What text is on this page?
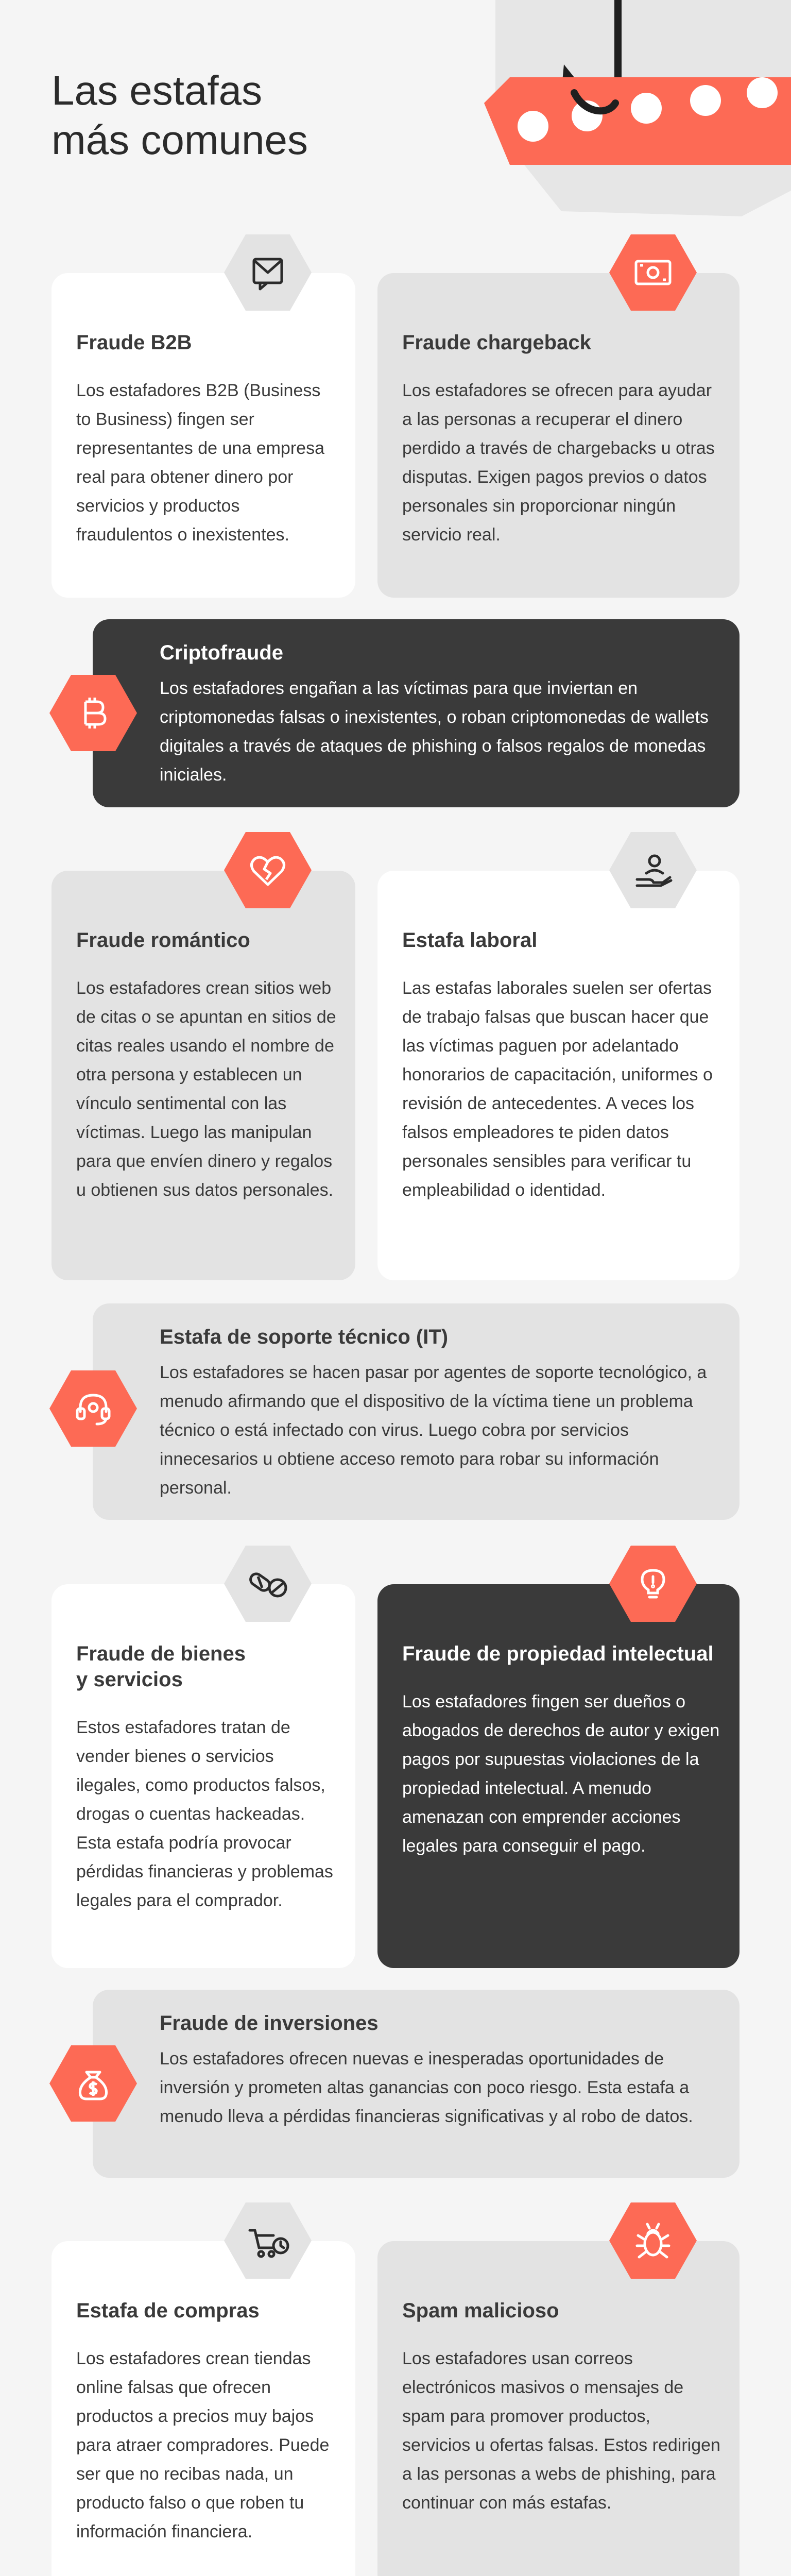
Las estafas
más comunes
Fraude B2B

Los estafadores B2B (Business to Business) fingen ser representantes de una empresa real para obtener dinero por servicios y productos fraudulentos o inexistentes.

Fraude chargeback

Los estafadores se ofrecen para ayudar a las personas a recuperar el dinero perdido a través de chargebacks u otras disputas. Exigen pagos previos o datos personales sin proporcionar ningún servicio real.

Criptofraude

Los estafadores engañan a las víctimas para que inviertan en criptomonedas falsas o inexistentes, o roban criptomonedas de wallets digitales a través de ataques de phishing o falsos regalos de monedas iniciales.

Fraude romántico

Los estafadores crean sitios web de citas o se apuntan en sitios de citas reales usando el nombre de otra persona y establecen un vínculo sentimental con las víctimas. Luego las manipulan para que envíen dinero y regalos u obtienen sus datos personales.

Estafa laboral

Las estafas laborales suelen ser ofertas de trabajo falsas que buscan hacer que las víctimas paguen por adelantado honorarios de capacitación, uniformes o revisión de antecedentes. A veces los falsos empleadores te piden datos personales sensibles para verificar tu empleabilidad o identidad.

Estafa de soporte técnico (IT)

Los estafadores se hacen pasar por agentes de soporte tecnológico, a menudo afirmando que el dispositivo de la víctima tiene un problema técnico o está infectado con virus. Luego cobra por servicios innecesarios u obtiene acceso remoto para robar su información personal.

Fraude de bienes
y servicios

Estos estafadores tratan de vender bienes o servicios ilegales, como productos falsos, drogas o cuentas hackeadas. Esta estafa podría provocar pérdidas financieras y problemas legales para el comprador.

Fraude de propiedad intelectual

Los estafadores fingen ser dueños o abogados de derechos de autor y exigen pagos por supuestas violaciones de la propiedad intelectual. A menudo amenazan con emprender acciones legales para conseguir el pago.

Fraude de inversiones

Los estafadores ofrecen nuevas e inesperadas oportunidades de inversión y prometen altas ganancias con poco riesgo. Esta estafa a menudo lleva a pérdidas financieras significativas y al robo de datos.

Estafa de compras

Los estafadores crean tiendas online falsas que ofrecen productos a precios muy bajos para atraer compradores. Puede ser que no recibas nada, un producto falso o que roben tu información financiera.

Spam malicioso

Los estafadores usan correos electrónicos masivos o mensajes de spam para promover productos, servicios u ofertas falsas. Estos redirigen a las personas a webs de phishing, para continuar con más estafas.
